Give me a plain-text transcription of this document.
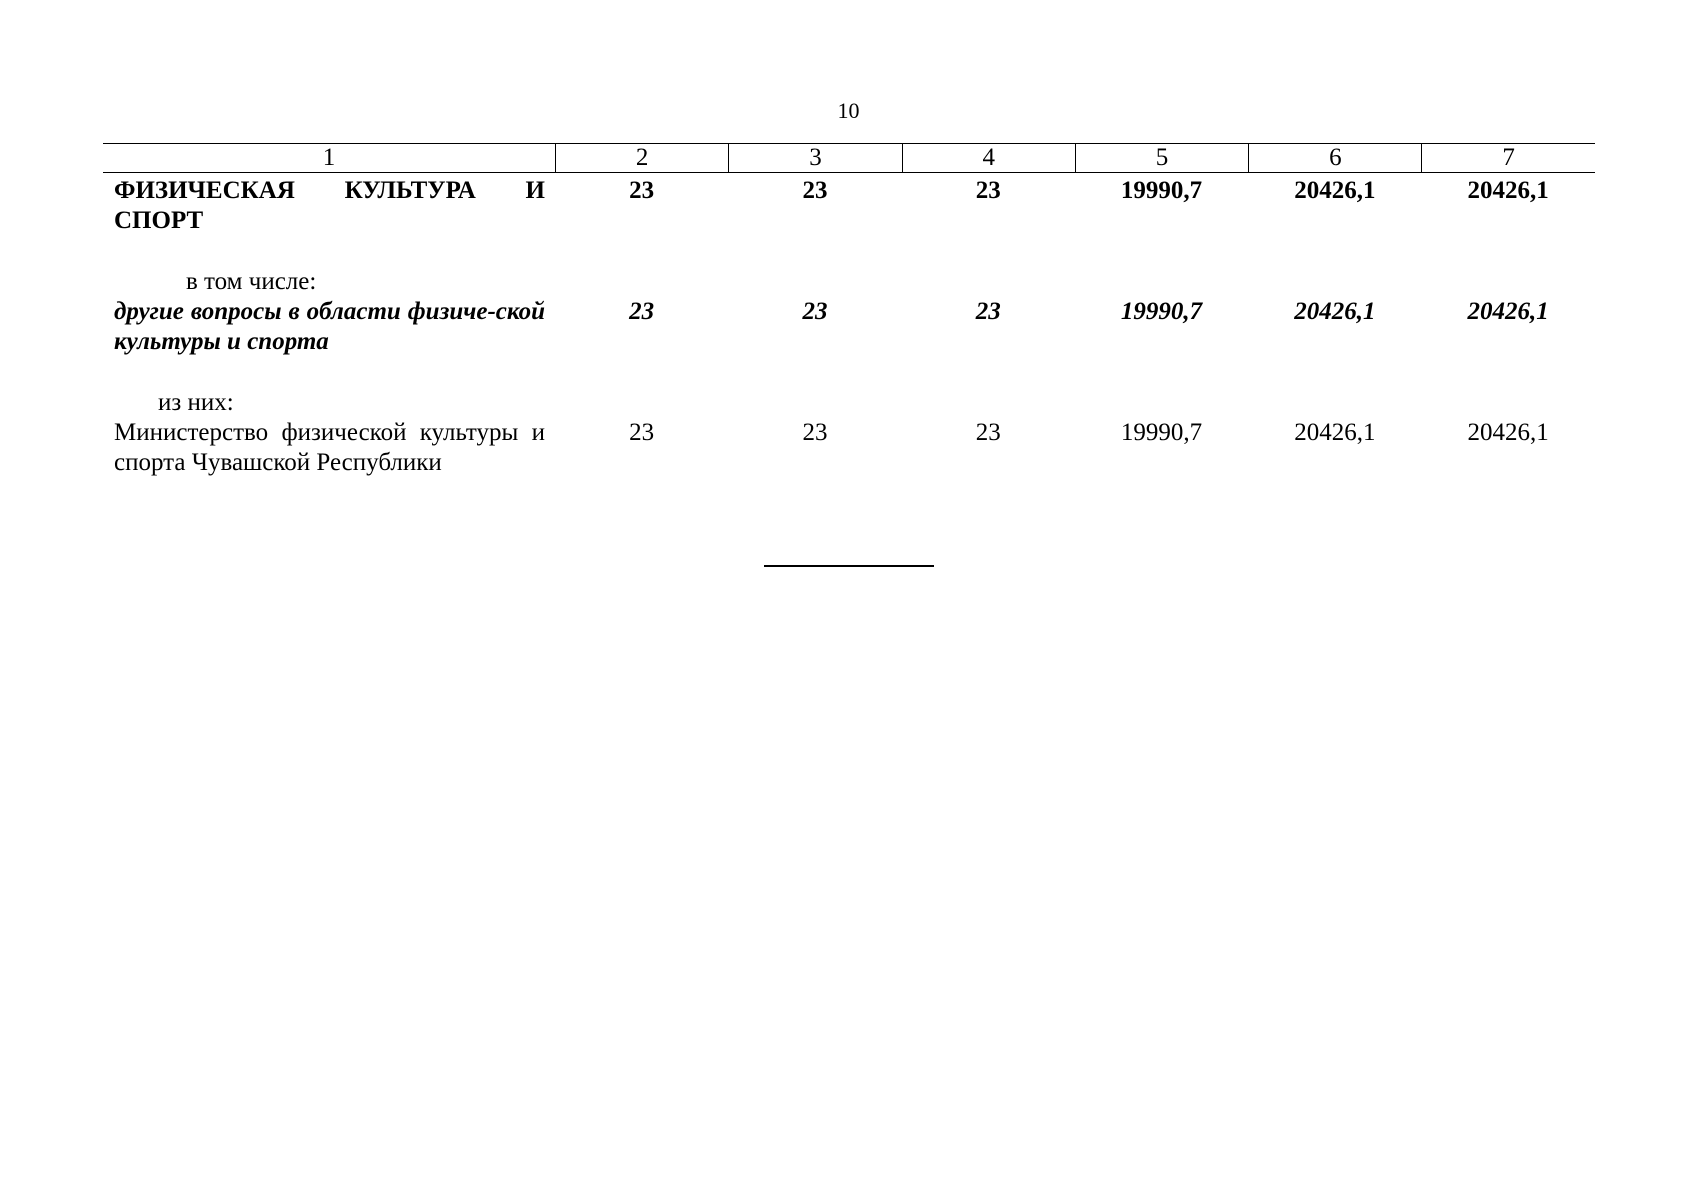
10
1	2	3	4	5	6	7
ФИЗИЧЕСКАЯ КУЛЬТУРА И СПОРТ
23	23	23	19990,7	20426,1	20426,1
в том числе:
другие вопросы в области физиче-ской культуры и спорта
23	23	23	19990,7	20426,1	20426,1
из них:
Министерство физической культуры и спорта Чувашской Республики
23	23	23	19990,7	20426,1	20426,1
